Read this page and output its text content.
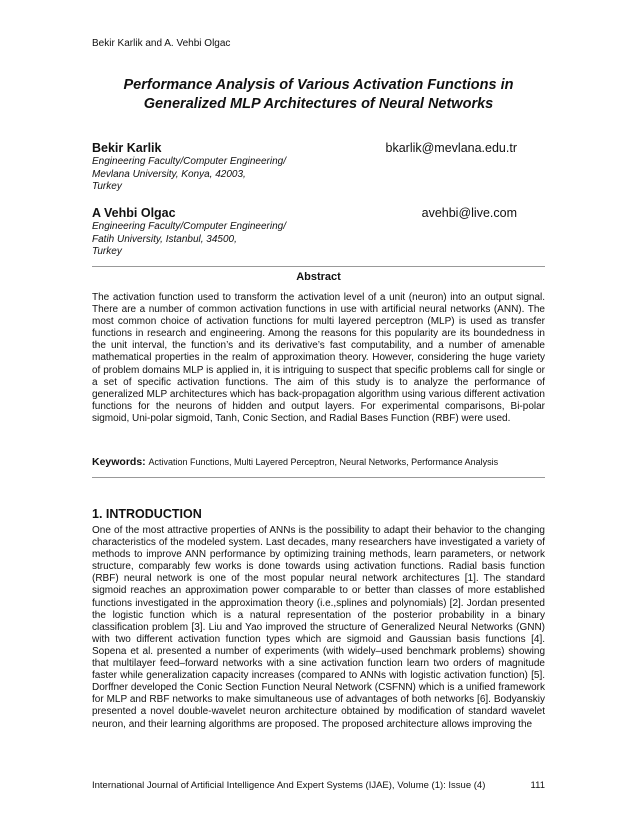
Bekir Karlik and A. Vehbi Olgac
Performance Analysis of Various Activation Functions in
Generalized MLP Architectures of Neural Networks
Bekir Karlik	bkarlik@mevlana.edu.tr
Engineering Faculty/Computer Engineering/
Mevlana University, Konya, 42003,
Turkey
A Vehbi Olgac	avehbi@live.com
Engineering Faculty/Computer Engineering/
Fatih University, Istanbul, 34500,
Turkey
Abstract
The activation function used to transform the activation level of a unit (neuron) into an output signal. There are a number of common activation functions in use with artificial neural networks (ANN). The most common choice of activation functions for multi layered perceptron (MLP) is used as transfer functions in research and engineering. Among the reasons for this popularity are its boundedness in the unit interval, the function’s and its derivative’s fast computability, and a number of amenable mathematical properties in the realm of approximation theory. However, considering the huge variety of problem domains MLP is applied in, it is intriguing to suspect that specific problems call for single or a set of specific activation functions. The aim of this study is to analyze the performance of generalized MLP architectures which has back-propagation algorithm using various different activation functions for the neurons of hidden and output layers. For experimental comparisons, Bi-polar sigmoid, Uni-polar sigmoid, Tanh, Conic Section, and Radial Bases Function (RBF) were used.
Keywords: Activation Functions, Multi Layered Perceptron, Neural Networks, Performance Analysis
1. INTRODUCTION
One of the most attractive properties of ANNs is the possibility to adapt their behavior to the changing characteristics of the modeled system. Last decades, many researchers have investigated a variety of methods to improve ANN performance by optimizing training methods, learn parameters, or network structure, comparably few works is done towards using activation functions. Radial basis function (RBF) neural network is one of the most popular neural network architectures [1]. The standard sigmoid reaches an approximation power comparable to or better than classes of more established functions investigated in the approximation theory (i.e.,splines and polynomials) [2]. Jordan presented the logistic function which is a natural representation of the posterior probability in a binary classification problem [3]. Liu and Yao improved the structure of Generalized Neural Networks (GNN) with two different activation function types which are sigmoid and Gaussian basis functions [4]. Sopena et al. presented a number of experiments (with widely–used benchmark problems) showing that multilayer feed–forward networks with a sine activation function learn two orders of magnitude faster while generalization capacity increases (compared to ANNs with logistic activation function) [5]. Dorffner developed the Conic Section Function Neural Network (CSFNN) which is a unified framework for MLP and RBF networks to make simultaneous use of advantages of both networks [6]. Bodyanskiy presented a novel double-wavelet neuron architecture obtained by modification of standard wavelet neuron, and their learning algorithms are proposed. The proposed architecture allows improving the
International Journal of Artificial Intelligence And Expert Systems (IJAE), Volume (1): Issue (4)	111
